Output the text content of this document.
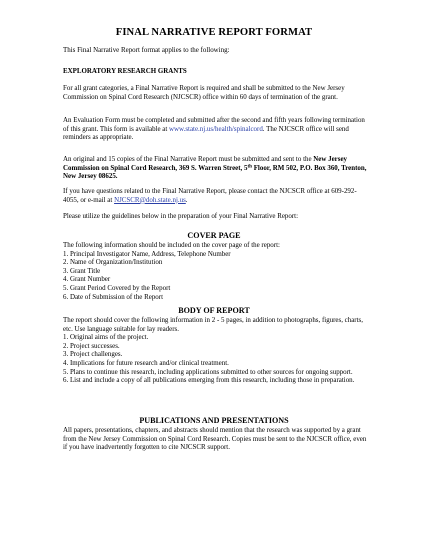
FINAL NARRATIVE REPORT FORMAT

This Final Narrative Report format applies to the following:

EXPLORATORY RESEARCH GRANTS

For all grant categories, a Final Narrative Report is required and shall be submitted to the New Jersey Commission on Spinal Cord Research (NJCSCR) office within 60 days of termination of the grant.

An Evaluation Form must be completed and submitted after the second and fifth years following termination of this grant. This form is available at www.state.nj.us/health/spinalcord. The NJCSCR office will send reminders as appropriate.

An original and 15 copies of the Final Narrative Report must be submitted and sent to the New Jersey Commission on Spinal Cord Research, 369 S. Warren Street, 5th Floor, RM 502, P.O. Box 360, Trenton, New Jersey 08625.

If you have questions related to the Final Narrative Report, please contact the NJCSCR office at 609-292-4055, or e-mail at NJCSCR@doh.state.nj.us.

Please utilize the guidelines below in the preparation of your Final Narrative Report:

COVER PAGE
The following information should be included on the cover page of the report:
1. Principal Investigator Name, Address, Telephone Number
2. Name of Organization/Institution
3. Grant Title
4. Grant Number
5. Grant Period Covered by the Report
6. Date of Submission of the Report
BODY OF REPORT
The report should cover the following information in 2 - 5 pages, in addition to photographs, figures, charts, etc. Use language suitable for lay readers.
1. Original aims of the project.
2. Project successes.
3. Project challenges.
4. Implications for future research and/or clinical treatment.
5. Plans to continue this research, including applications submitted to other sources for ongoing support.
6. List and include a copy of all publications emerging from this research, including those in preparation.
PUBLICATIONS AND PRESENTATIONS

All papers, presentations, chapters, and abstracts should mention that the research was supported by a grant from the New Jersey Commission on Spinal Cord Research. Copies must be sent to the NJCSCR office, even if you have inadvertently forgotten to cite NJCSCR support.
